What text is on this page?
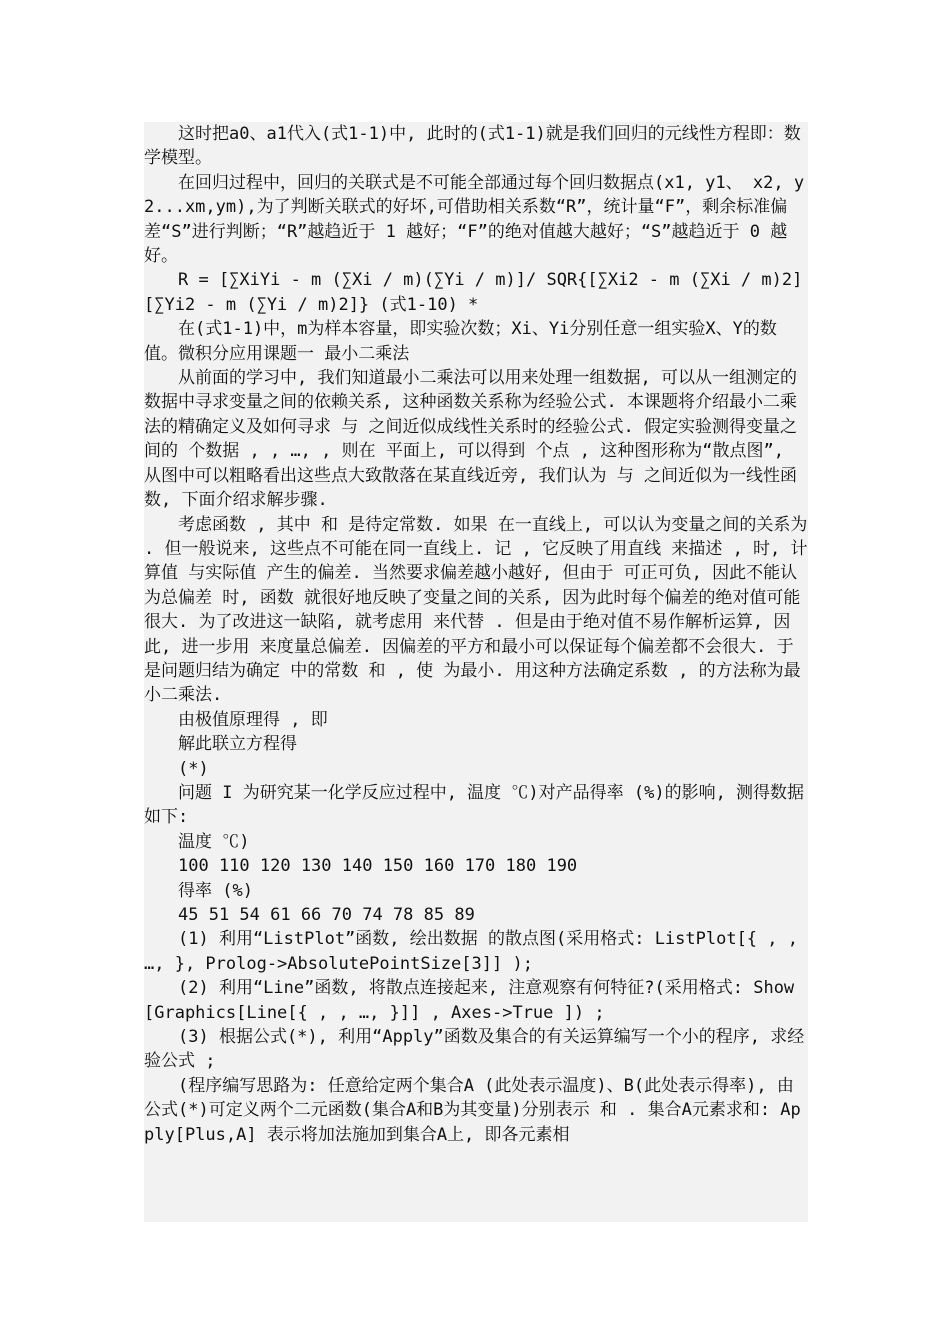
这时把a0、a1代入(式1-1)中, 此时的(式1-1)就是我们回归的元线性方程即：数学模型。

在回归过程中，回归的关联式是不可能全部通过每个回归数据点(x1, y1、 x2, y2...xm,ym),为了判断关联式的好坏,可借助相关系数“R”，统计量“F”，剩余标准偏差“S”进行判断；“R”越趋近于 1 越好；“F”的绝对值越大越好；“S”越趋近于 0 越好。

R = [∑XiYi - m (∑Xi / m)(∑Yi / m)]/ SQR{[∑Xi2 - m (∑Xi / m)2][∑Yi2 - m (∑Yi / m)2]} (式1-10) *

在(式1-1)中，m为样本容量，即实验次数；Xi、Yi分别任意一组实验X、Y的数值。微积分应用课题一 最小二乘法

从前面的学习中, 我们知道最小二乘法可以用来处理一组数据, 可以从一组测定的数据中寻求变量之间的依赖关系, 这种函数关系称为经验公式. 本课题将介绍最小二乘法的精确定义及如何寻求 与 之间近似成线性关系时的经验公式. 假定实验测得变量之间的 个数据 , , …, , 则在 平面上, 可以得到 个点 , 这种图形称为“散点图”, 从图中可以粗略看出这些点大致散落在某直线近旁, 我们认为 与 之间近似为一线性函数, 下面介绍求解步骤.

考虑函数 , 其中 和 是待定常数. 如果 在一直线上, 可以认为变量之间的关系为 . 但一般说来, 这些点不可能在同一直线上. 记 , 它反映了用直线 来描述 , 时, 计算值 与实际值 产生的偏差. 当然要求偏差越小越好, 但由于 可正可负, 因此不能认为总偏差 时, 函数 就很好地反映了变量之间的关系, 因为此时每个偏差的绝对值可能很大. 为了改进这一缺陷, 就考虑用 来代替 . 但是由于绝对值不易作解析运算, 因此, 进一步用 来度量总偏差. 因偏差的平方和最小可以保证每个偏差都不会很大. 于是问题归结为确定 中的常数 和 , 使 为最小. 用这种方法确定系数 , 的方法称为最小二乘法.

由极值原理得 , 即

解此联立方程得

(*)

问题 I 为研究某一化学反应过程中, 温度 ℃)对产品得率 (%)的影响, 测得数据如下:

温度 ℃)

100 110 120 130 140 150 160 170 180 190

得率 (%)

45 51 54 61 66 70 74 78 85 89

(1) 利用“ListPlot”函数, 绘出数据 的散点图(采用格式: ListPlot[{ , , …, }, Prolog->AbsolutePointSize[3]] );

(2) 利用“Line”函数, 将散点连接起来, 注意观察有何特征?(采用格式: Show[Graphics[Line[{ , , …, }]] , Axes->True ]) ;

(3) 根据公式(*), 利用“Apply”函数及集合的有关运算编写一个小的程序, 求经验公式 ;

(程序编写思路为: 任意给定两个集合A (此处表示温度)、B(此处表示得率), 由公式(*)可定义两个二元函数(集合A和B为其变量)分别表示 和 . 集合A元素求和: Apply[Plus,A] 表示将加法施加到集合A上, 即各元素相
